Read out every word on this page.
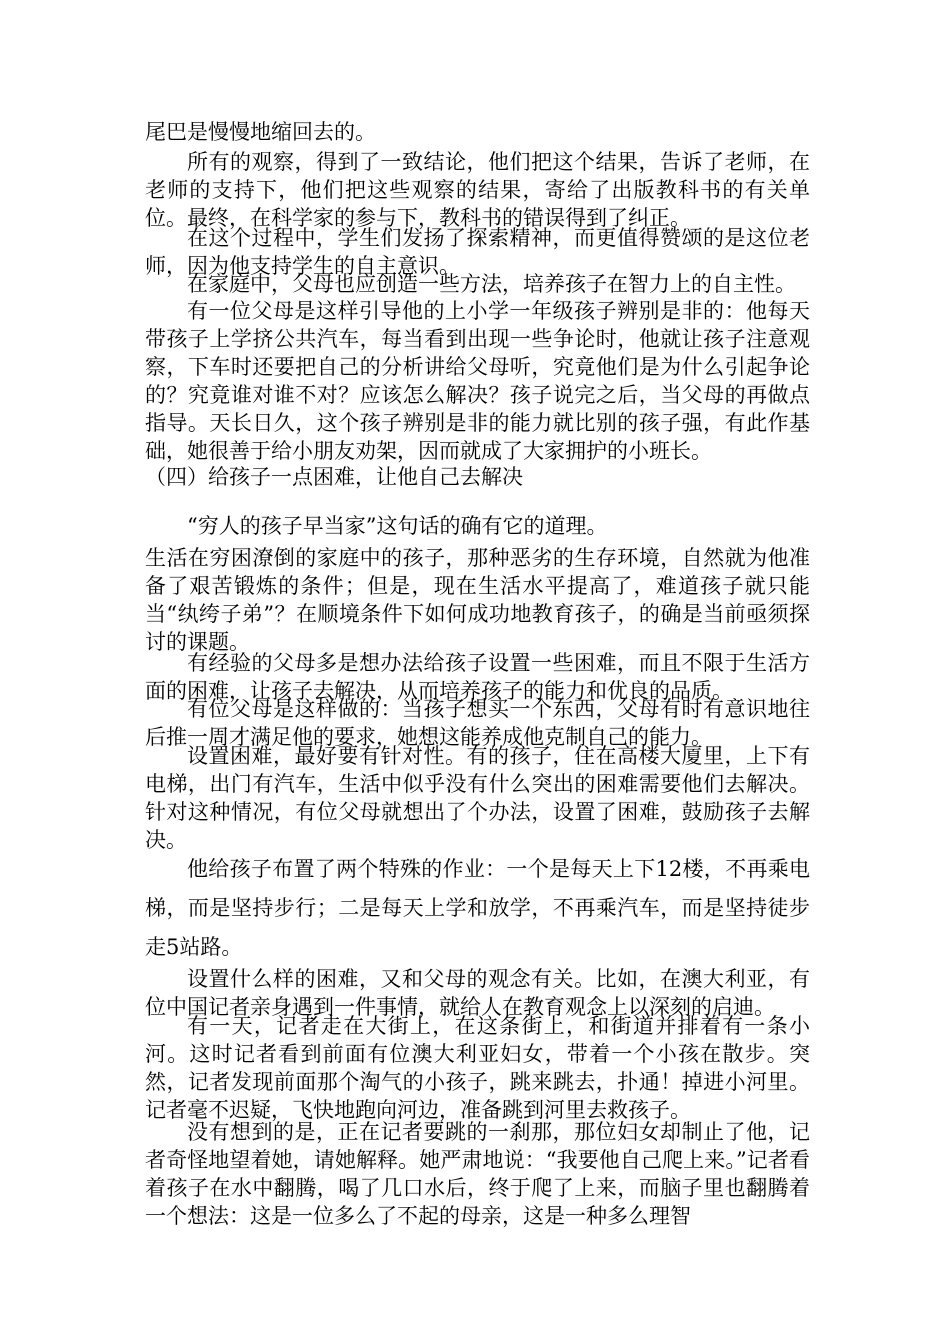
尾巴是慢慢地缩回去的。

所有的观察，得到了一致结论，他们把这个结果，告诉了老师，在老师的支持下，他们把这些观察的结果，寄给了出版教科书的有关单位。最终，在科学家的参与下，教科书的错误得到了纠正。

在这个过程中，学生们发扬了探索精神，而更值得赞颂的是这位老师，因为他支持学生的自主意识。

在家庭中，父母也应创造一些方法，培养孩子在智力上的自主性。

有一位父母是这样引导他的上小学一年级孩子辨别是非的：他每天带孩子上学挤公共汽车，每当看到出现一些争论时，他就让孩子注意观察，下车时还要把自己的分析讲给父母听，究竟他们是为什么引起争论的？究竟谁对谁不对？应该怎么解决？孩子说完之后，当父母的再做点指导。天长日久，这个孩子辨别是非的能力就比别的孩子强，有此作基础，她很善于给小朋友劝架，因而就成了大家拥护的小班长。

（四）给孩子一点困难，让他自己去解决

“穷人的孩子早当家”这句话的确有它的道理。

生活在穷困潦倒的家庭中的孩子，那种恶劣的生存环境，自然就为他准备了艰苦锻炼的条件；但是，现在生活水平提高了，难道孩子就只能当“纨绔子弟”？在顺境条件下如何成功地教育孩子，的确是当前亟须探讨的课题。

有经验的父母多是想办法给孩子设置一些困难，而且不限于生活方面的困难，让孩子去解决，从而培养孩子的能力和优良的品质。

有位父母是这样做的：当孩子想买一个东西，父母有时有意识地往后推一周才满足他的要求，她想这能养成他克制自己的能力。

设置困难，最好要有针对性。有的孩子，住在高楼大厦里，上下有电梯，出门有汽车，生活中似乎没有什么突出的困难需要他们去解决。针对这种情况，有位父母就想出了个办法，设置了困难，鼓励孩子去解决。

他给孩子布置了两个特殊的作业：一个是每天上下12楼，不再乘电梯，而是坚持步行；二是每天上学和放学，不再乘汽车，而是坚持徒步走5站路。

设置什么样的困难，又和父母的观念有关。比如，在澳大利亚，有位中国记者亲身遇到一件事情，就给人在教育观念上以深刻的启迪。

有一天，记者走在大街上，在这条街上，和街道并排着有一条小河。这时记者看到前面有位澳大利亚妇女，带着一个小孩在散步。突然，记者发现前面那个淘气的小孩子，跳来跳去，扑通！掉进小河里。记者毫不迟疑，飞快地跑向河边，准备跳到河里去救孩子。

没有想到的是，正在记者要跳的一刹那，那位妇女却制止了他，记者奇怪地望着她，请她解释。她严肃地说：“我要他自己爬上来。”记者看着孩子在水中翻腾，喝了几口水后，终于爬了上来，而脑子里也翻腾着一个想法：这是一位多么了不起的母亲，这是一种多么理智
